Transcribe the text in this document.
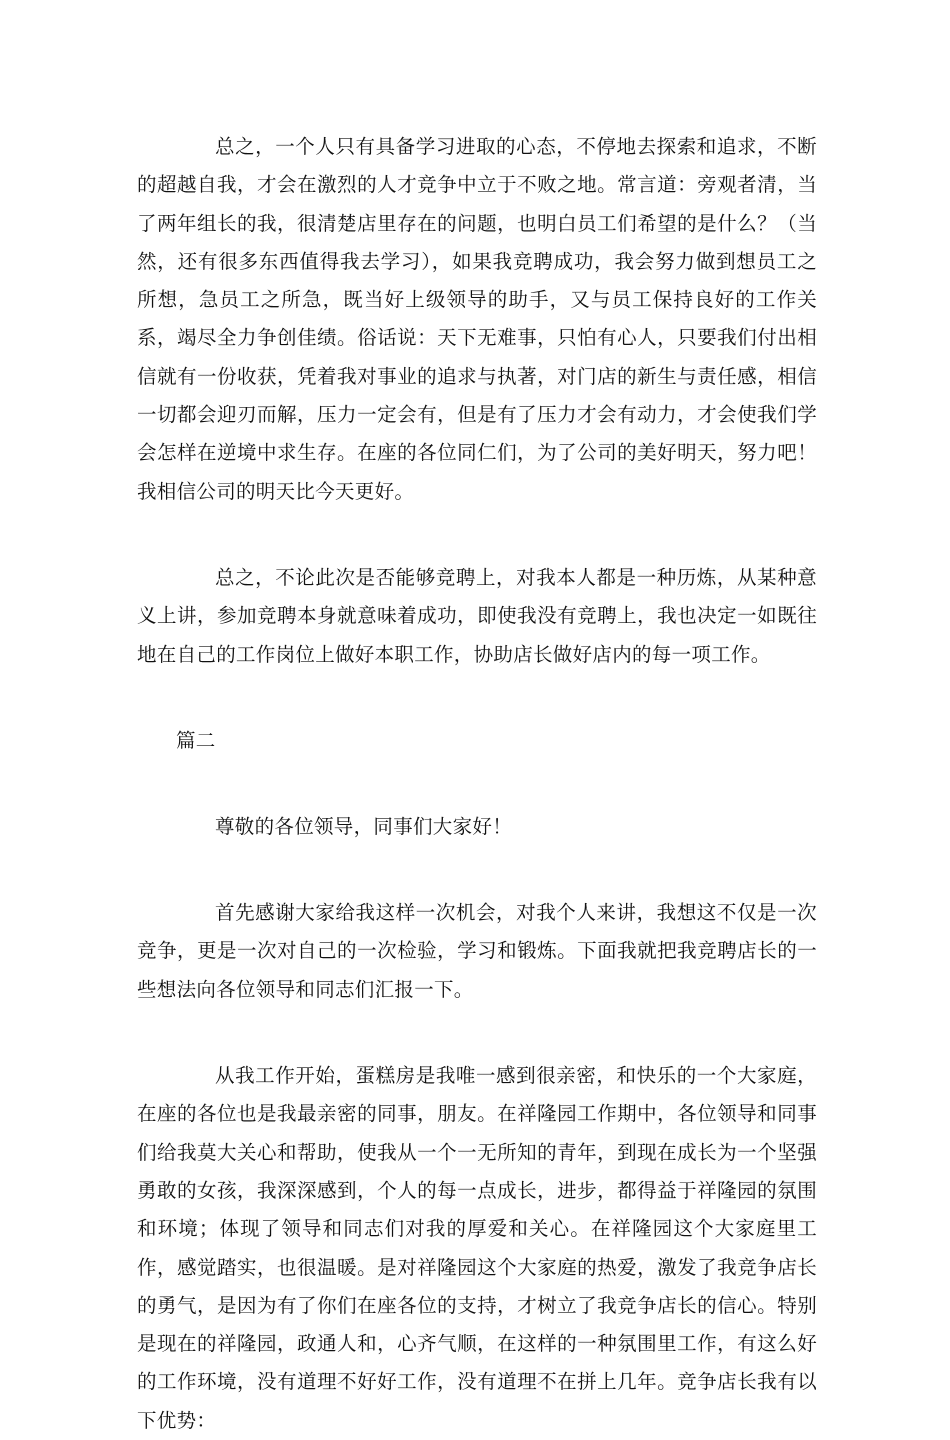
总之，一个人只有具备学习进取的心态，不停地去探索和追求，不断的超越自我，才会在激烈的人才竞争中立于不败之地。常言道：旁观者清，当了两年组长的我，很清楚店里存在的问题，也明白员工们希望的是什么？（当然，还有很多东西值得我去学习），如果我竞聘成功，我会努力做到想员工之所想，急员工之所急，既当好上级领导的助手，又与员工保持良好的工作关系，竭尽全力争创佳绩。俗话说：天下无难事，只怕有心人，只要我们付出相信就有一份收获，凭着我对事业的追求与执著，对门店的新生与责任感，相信一切都会迎刃而解，压力一定会有，但是有了压力才会有动力，才会使我们学会怎样在逆境中求生存。在座的各位同仁们，为了公司的美好明天，努力吧！我相信公司的明天比今天更好。

总之，不论此次是否能够竞聘上，对我本人都是一种历炼，从某种意义上讲，参加竞聘本身就意味着成功，即使我没有竞聘上，我也决定一如既往地在自己的工作岗位上做好本职工作，协助店长做好店内的每一项工作。

篇二

尊敬的各位领导，同事们大家好！

首先感谢大家给我这样一次机会，对我个人来讲，我想这不仅是一次竞争，更是一次对自己的一次检验，学习和锻炼。下面我就把我竞聘店长的一些想法向各位领导和同志们汇报一下。

从我工作开始，蛋糕房是我唯一感到很亲密，和快乐的一个大家庭，在座的各位也是我最亲密的同事，朋友。在祥隆园工作期中，各位领导和同事们给我莫大关心和帮助，使我从一个一无所知的青年，到现在成长为一个坚强勇敢的女孩，我深深感到，个人的每一点成长，进步，都得益于祥隆园的氛围和环境；体现了领导和同志们对我的厚爱和关心。在祥隆园这个大家庭里工作，感觉踏实，也很温暖。是对祥隆园这个大家庭的热爱，激发了我竞争店长的勇气，是因为有了你们在座各位的支持，才树立了我竞争店长的信心。特别是现在的祥隆园，政通人和，心齐气顺，在这样的一种氛围里工作，有这么好的工作环境，没有道理不好好工作，没有道理不在拼上几年。竞争店长我有以下优势：
